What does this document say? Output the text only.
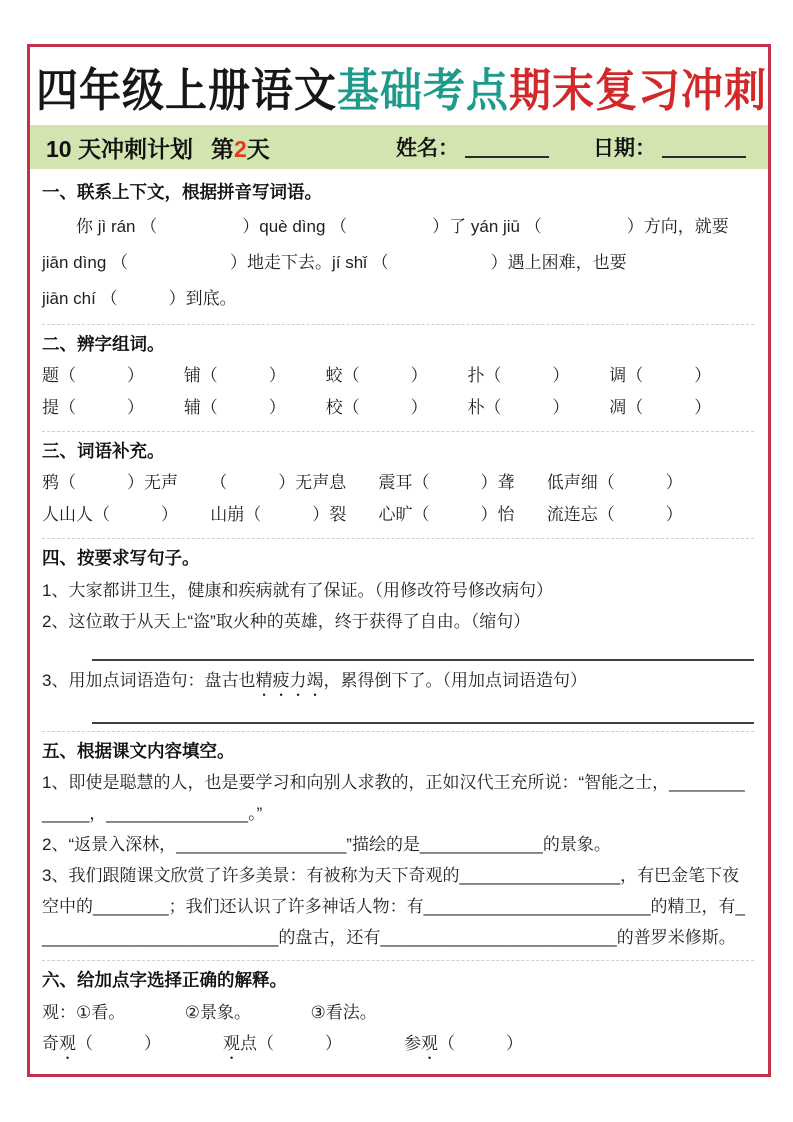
四年级上册语文基础考点期末复习冲刺
10 天冲刺计划 第2天	姓名：	日期：
一、联系上下文，根据拼音写词语。
　　你 jì rán （　　　　　）què dìng （　　　　　）了 yán jiū （　　　　　）方向，就要
jiān dìng （　　　　　　）地走下去。jí shǐ （　　　　　　）遇上困难，也要
jiān chí （　　　）到底。
二、辨字组词。
题（　　　） 铺（　　　） 蛟（　　　） 扑（　　　） 调（　　　）
提（　　　） 辅（　　　） 校（　　　） 朴（　　　） 凋（　　　）
三、词语补充。
鸦（　　　）无声 （　　　）无声息 震耳（　　　）聋 低声细（　　　）
人山人（　　　） 山崩（　　　）裂 心旷（　　　）怡 流连忘（　　　）
四、按要求写句子。
1、大家都讲卫生，健康和疾病就有了保证。（用修改符号修改病句）
2、这位敢于从天上“盗”取火种的英雄，终于获得了自由。（缩句）
3、用加点词语造句：盘古也精疲力竭，累得倒下了。（用加点词语造句）
五、根据课文内容填空。
1、即使是聪慧的人，也是要学习和向别人求教的，正如汉代王充所说：“智能之士，_____________，_______________。”
2、“返景入深林，__________________”描绘的是_____________的景象。
3、我们跟随课文欣赏了许多美景：有被称为天下奇观的_________________，有巴金笔下夜空中的________；我们还认识了许多神话人物：有________________________的精卫，有__________________________的盘古，还有_________________________的普罗米修斯。
六、给加点字选择正确的解释。
观：①看。　　　　②景象。　　　　③看法。
奇观（　　　）	观点（　　　）	参观（　　　）
